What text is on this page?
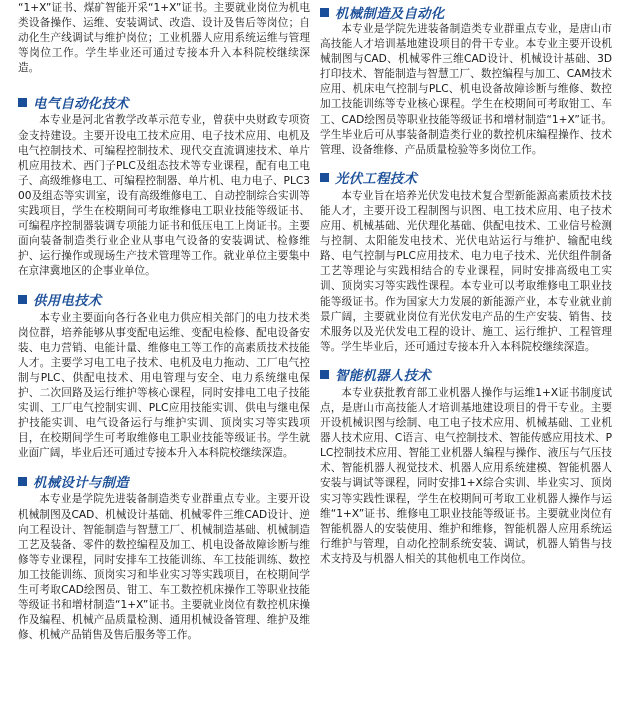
“1+X”证书、煤矿智能开采“1+X”证书。主要就业岗位为机电类设备操作、运维、安装调试、改造、设计及售后等岗位；自动化生产线调试与维护岗位；工业机器人应用系统运维与管理等岗位工作。学生毕业还可通过专接本升入本科院校继续深造。

电气自动化技术

本专业是河北省教学改革示范专业，曾获中央财政专项资金支持建设。主要开设电工技术应用、电子技术应用、电机及电气控制技术、可编程控制技术、现代交直流调速技术、单片机应用技术、西门子PLC及组态技术等专业课程，配有电工电子、高级维修电工、可编程控制器、单片机、电力电子、PLC300及组态等实训室，设有高级维修电工、自动控制综合实训等实践项目，学生在校期间可考取维修电工职业技能等级证书、可编程序控制器装调专项能力证书和低压电工上岗证书。主要面向装备制造类行业企业从事电气设备的安装调试、检修维护、运行操作或现场生产技术管理等工作。就业单位主要集中在京津冀地区的企事业单位。

供用电技术

本专业主要面向各行各业电力供应相关部门的电力技术类岗位群，培养能够从事变配电运维、变配电检修、配电设备安装、电力营销、电能计量、维修电工等工作的高素质技术技能人才。主要学习电工电子技术、电机及电力拖动、工厂电气控制与PLC、供配电技术、用电管理与安全、电力系统继电保护、二次回路及运行维护等核心课程，同时安排电工电子技能实训、工厂电气控制实训、PLC应用技能实训、供电与继电保护技能实训、电气设备运行与维护实训、顶岗实习等实践项目，在校期间学生可考取维修电工职业技能等级证书。学生就业面广阔，毕业后还可通过专接本升入本科院校继续深造。

机械设计与制造

本专业是学院先进装备制造类专业群重点专业。主要开设机械制图及CAD、机械设计基础、机械零件三维CAD设计、逆向工程设计、智能制造与智慧工厂、机械制造基础、机械制造工艺及装备、零件的数控编程及加工、机电设备故障诊断与维修等专业课程，同时安排车工技能训练、车工技能训练、数控加工技能训练、顶岗实习和毕业实习等实践项目，在校期间学生可考取CAD绘图员、钳工、车工数控机床操作工等职业技能等级证书和增材制造“1+X”证书。主要就业岗位有数控机床操作及编程、机械产品质量检测、通用机械设备管理、维护及维修、机械产品销售及售后服务等工作。

机械制造及自动化

本专业是学院先进装备制造类专业群重点专业，是唐山市高技能人才培训基地建设项目的骨干专业。本专业主要开设机械制图与CAD、机械零件三维CAD设计、机械设计基础、3D打印技术、智能制造与智慧工厂、数控编程与加工、CAM技术应用、机床电气控制与PLC、机电设备故障诊断与维修、数控加工技能训练等专业核心课程。学生在校期间可考取钳工、车工、CAD绘图员等职业技能等级证书和增材制造“1+X”证书。学生毕业后可从事装备制造类行业的数控机床编程操作、技术管理、设备维修、产品质量检验等多岗位工作。

光伏工程技术

本专业旨在培养光伏发电技术复合型新能源高素质技术技能人才，主要开设工程制图与识图、电工技术应用、电子技术应用、机械基础、光伏理化基础、供配电技术、工业信号检测与控制、太阳能发电技术、光伏电站运行与维护、输配电线路、电气控制与PLC应用技术、电力电子技术、光伏组件制备工艺等理论与实践相结合的专业课程，同时安排高级电工实训、顶岗实习等实践性课程。本专业可以考取维修电工职业技能等级证书。作为国家大力发展的新能源产业，本专业就业前景广阔，主要就业岗位有光伏发电产品的生产安装、销售、技术服务以及光伏发电工程的设计、施工、运行维护、工程管理等。学生毕业后，还可通过专接本升入本科院校继续深造。

智能机器人技术

本专业获批教育部工业机器人操作与运维1+X证书制度试点，是唐山市高技能人才培训基地建设项目的骨干专业。主要开设机械识图与绘制、电工电子技术应用、机械基础、工业机器人技术应用、C语言、电气控制技术、智能传感应用技术、PLC控制技术应用、智能工业机器人编程与操作、液压与气压技术、智能机器人视觉技术、机器人应用系统建模、智能机器人安装与调试等课程，同时安排1+X综合实训、毕业实习、顶岗实习等实践性课程，学生在校期间可考取工业机器人操作与运维“1+X”证书、维修电工职业技能等级证书。主要就业岗位有智能机器人的安装使用、维护和维修，智能机器人应用系统运行维护与管理，自动化控制系统安装、调试，机器人销售与技术支持及与机器人相关的其他机电工作岗位。
